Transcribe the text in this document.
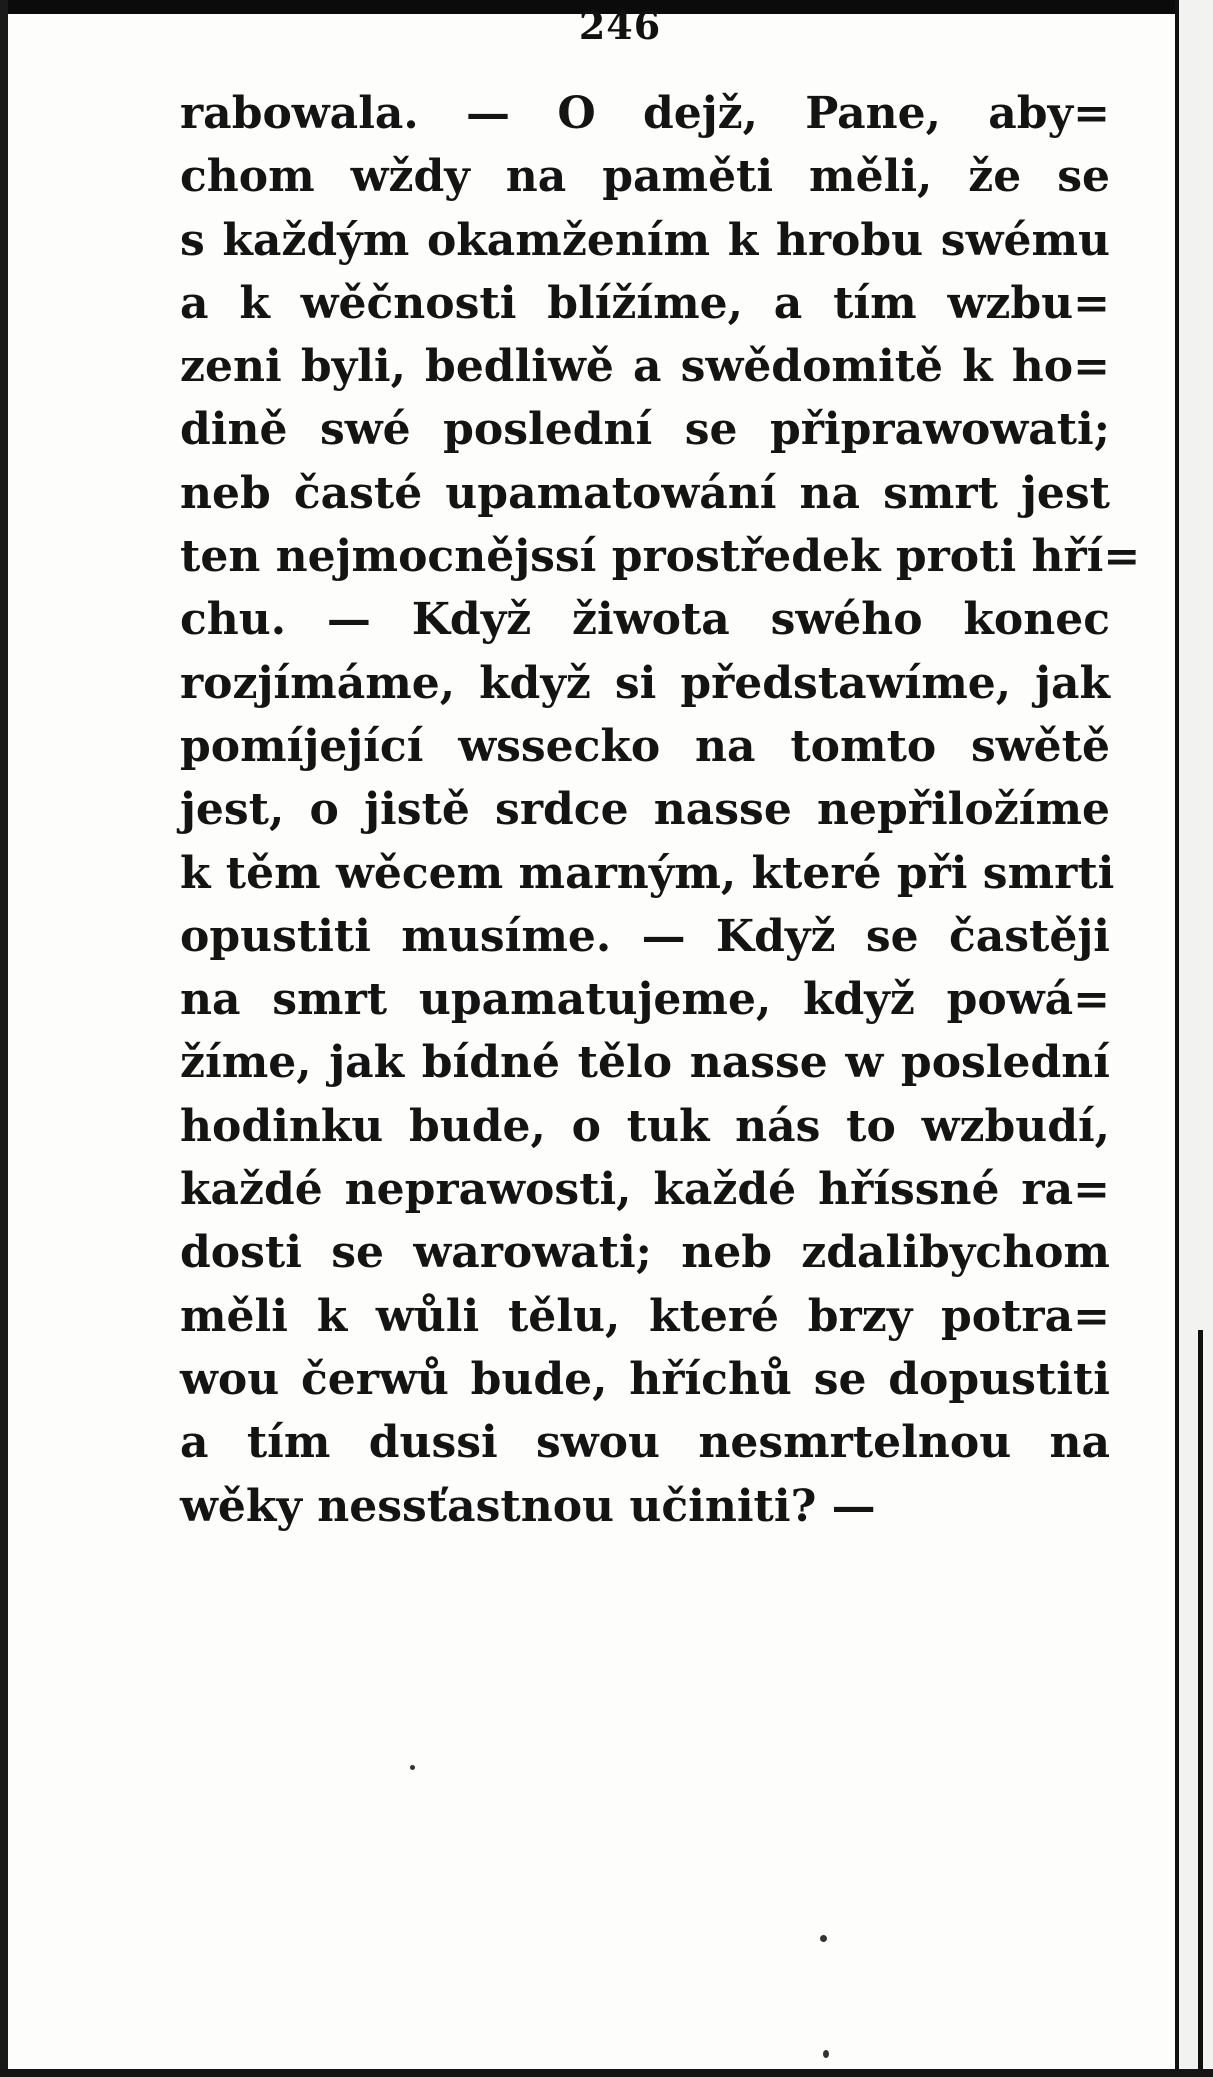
246
rabowala. — O dejž, Pane, aby=
chom wždy na paměti měli, že se
s každým okamžením k hrobu swému
a k wěčnosti blížíme, a tím wzbu=
zeni byli, bedliwě a swědomitě k ho=
dině swé poslední se připrawowati;
neb časté upamatowání na smrt jest
ten nejmocnějssí prostředek proti hří=
chu. — Když žiwota swého konec
rozjímáme, když si předstawíme, jak
pomíjející wsseсko na tomto swětě
jest, o jistě srdce nasse nepřiložíme
k těm wěcem marným, které při smrti
opustiti musíme. — Když se častěji
na smrt upamatujeme, když powá=
žíme, jak bídné tělo nasse w poslední
hodinku bude, o tuk nás to wzbudí,
každé neprawosti, každé hříssné ra=
dosti se warowati; neb zdalibychom
měli k wůli tělu, které brzy potra=
wou čerwů bude, hříchů se dopustiti
a tím dussi swou nesmrtelnou na
wěky nessťastnou učiniti? —
